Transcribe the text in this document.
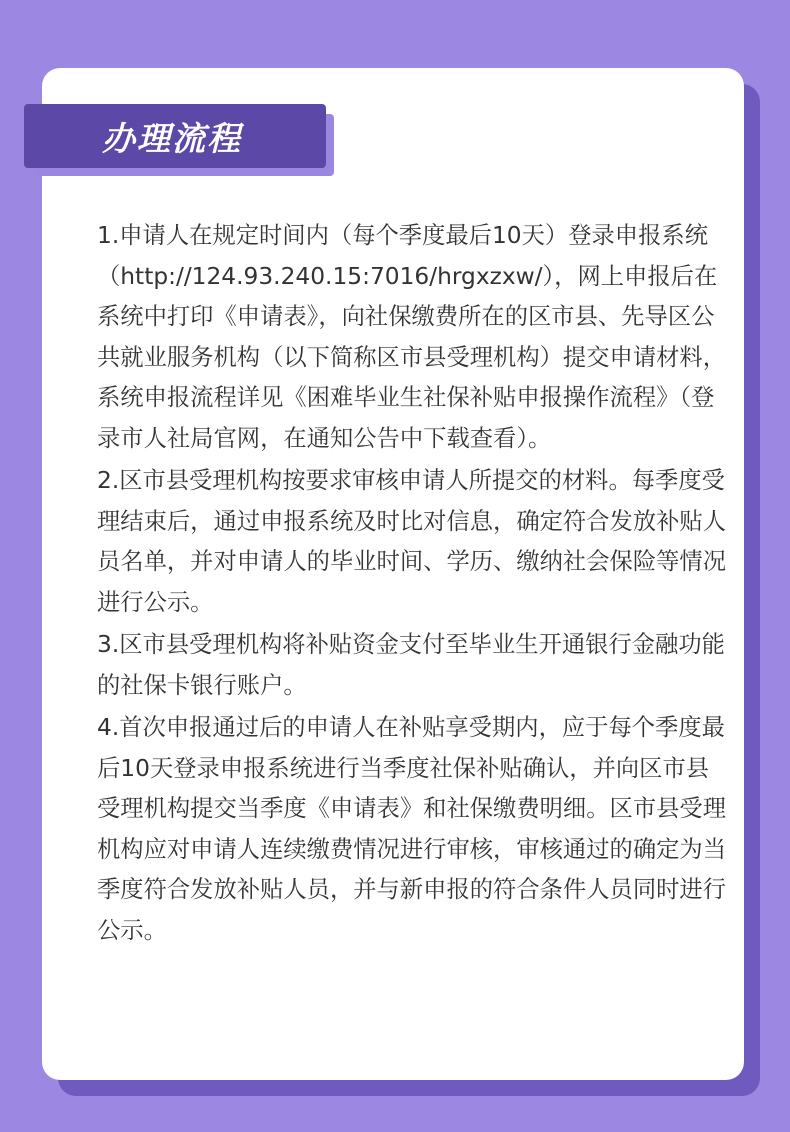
办理流程

1.申请人在规定时间内（每个季度最后10天）登录申报系统（http://124.93.240.15:7016/hrgxzxw/），网上申报后在系统中打印《申请表》，向社保缴费所在的区市县、先导区公共就业服务机构（以下简称区市县受理机构）提交申请材料，系统申报流程详见《困难毕业生社保补贴申报操作流程》（登录市人社局官网，在通知公告中下载查看）。

2.区市县受理机构按要求审核申请人所提交的材料。每季度受理结束后，通过申报系统及时比对信息，确定符合发放补贴人员名单，并对申请人的毕业时间、学历、缴纳社会保险等情况进行公示。

3.区市县受理机构将补贴资金支付至毕业生开通银行金融功能的社保卡银行账户。

4.首次申报通过后的申请人在补贴享受期内，应于每个季度最后10天登录申报系统进行当季度社保补贴确认，并向区市县受理机构提交当季度《申请表》和社保缴费明细。区市县受理机构应对申请人连续缴费情况进行审核，审核通过的确定为当季度符合发放补贴人员，并与新申报的符合条件人员同时进行公示。
